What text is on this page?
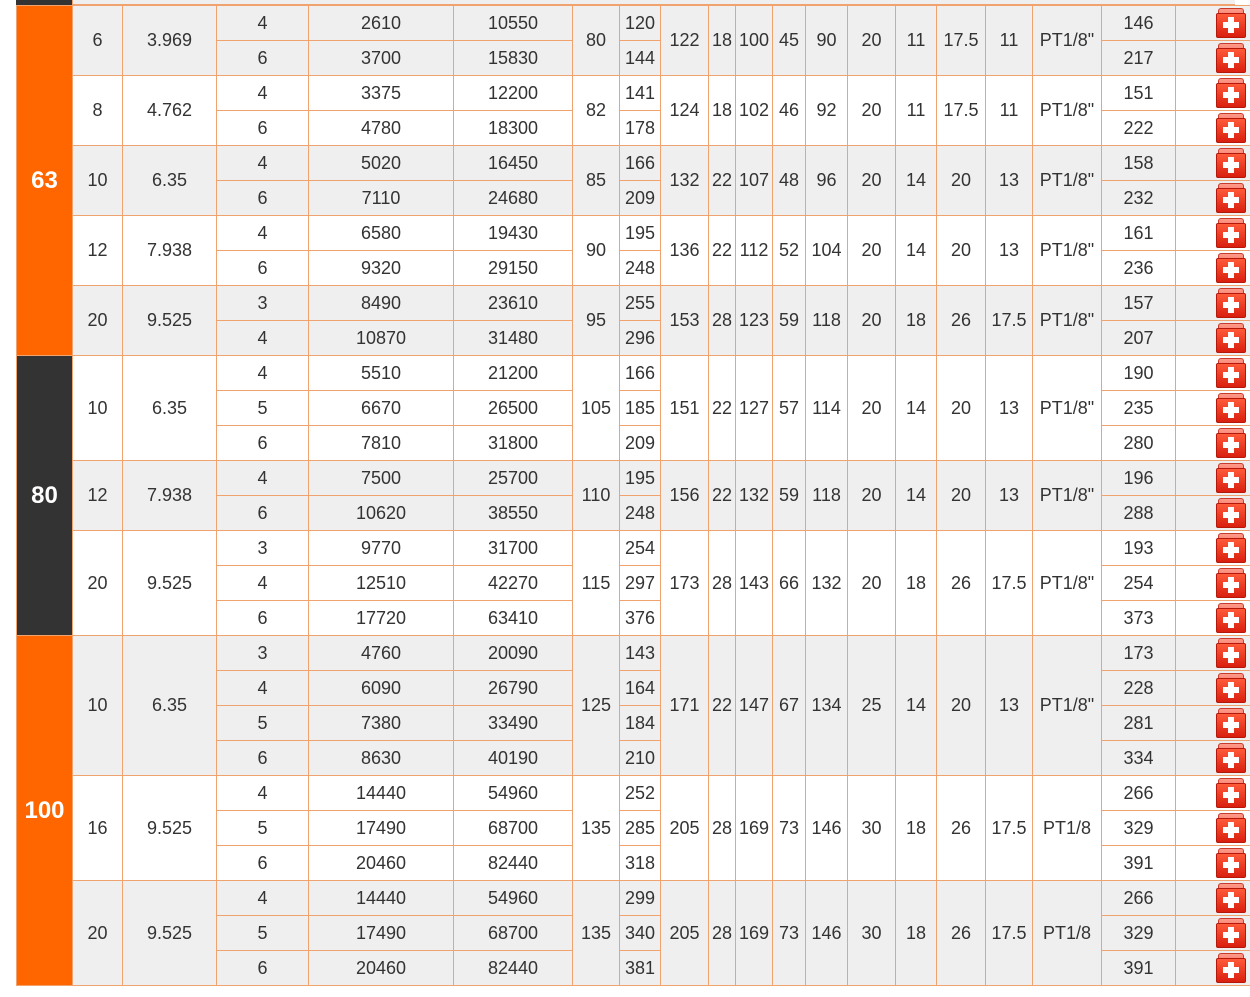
63	6	3.969	4	2610	10550	80	120	122	18	100	45	90	20	11	17.5	11	PT1/8"	146	

			6	3700	15830		144											217	

	8	4.762	4	3375	12200	82	141	124	18	102	46	92	20	11	17.5	11	PT1/8"	151	

			6	4780	18300		178											222	

	10	6.35	4	5020	16450	85	166	132	22	107	48	96	20	14	20	13	PT1/8"	158	

			6	7110	24680		209											232	

	12	7.938	4	6580	19430	90	195	136	22	112	52	104	20	14	20	13	PT1/8"	161	

			6	9320	29150		248											236	

	20	9.525	3	8490	23610	95	255	153	28	123	59	118	20	18	26	17.5	PT1/8"	157	

			4	10870	31480		296											207	

80	10	6.35	4	5510	21200	105	166	151	22	127	57	114	20	14	20	13	PT1/8"	190	

			5	6670	26500		185											235	

			6	7810	31800		209											280	

	12	7.938	4	7500	25700	110	195	156	22	132	59	118	20	14	20	13	PT1/8"	196	

			6	10620	38550		248											288	

	20	9.525	3	9770	31700	115	254	173	28	143	66	132	20	18	26	17.5	PT1/8"	193	

			4	12510	42270		297											254	

			6	17720	63410		376											373	

100	10	6.35	3	4760	20090	125	143	171	22	147	67	134	25	14	20	13	PT1/8"	173	

			4	6090	26790		164											228	

			5	7380	33490		184											281	

			6	8630	40190		210											334	

	16	9.525	4	14440	54960	135	252	205	28	169	73	146	30	18	26	17.5	PT1/8	266	

			5	17490	68700		285											329	

			6	20460	82440		318											391	

	20	9.525	4	14440	54960	135	299	205	28	169	73	146	30	18	26	17.5	PT1/8	266	

			5	17490	68700		340											329	

			6	20460	82440		381											391	
